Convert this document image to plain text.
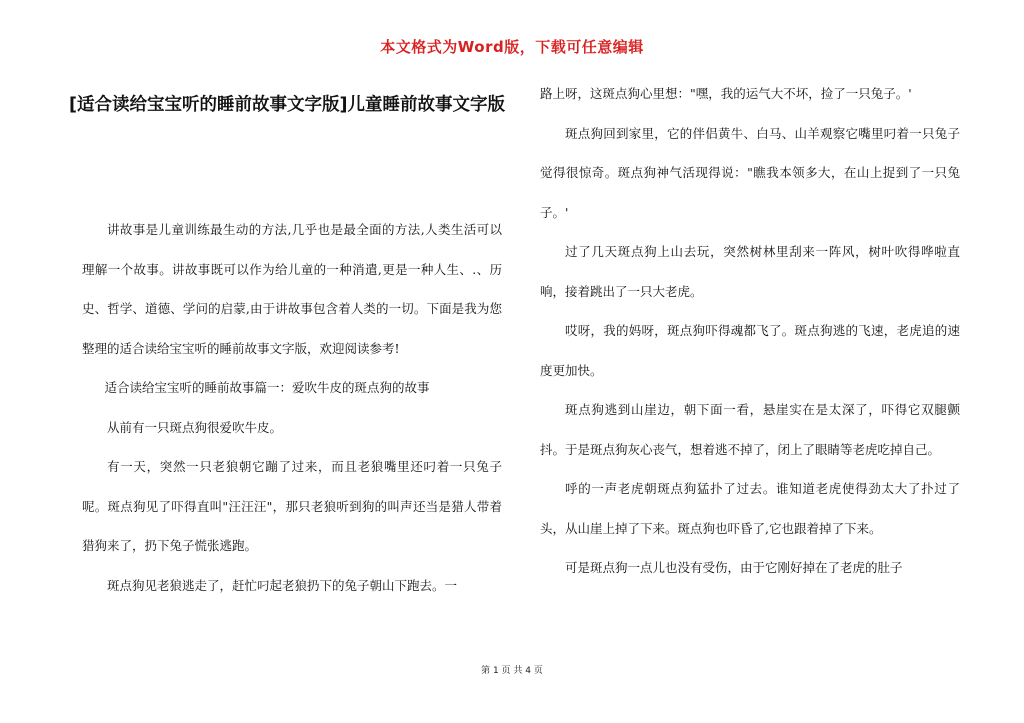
本文格式为Word版，下载可任意编辑
[适合读给宝宝听的睡前故事文字版]儿童睡前故事文字版

讲故事是儿童训练最生动的方法,几乎也是最全面的方法,人类生活可以理解一个故事。讲故事既可以作为给儿童的一种消遣,更是一种人生、.、历史、哲学、道德、学问的启蒙,由于讲故事包含着人类的一切。下面是我为您整理的适合读给宝宝听的睡前故事文字版，欢迎阅读参考!

适合读给宝宝听的睡前故事篇一：爱吹牛皮的斑点狗的故事

从前有一只斑点狗很爱吹牛皮。

有一天，突然一只老狼朝它蹦了过来，而且老狼嘴里还叼着一只兔子呢。斑点狗见了吓得直叫"汪汪汪"，那只老狼听到狗的叫声还当是猎人带着猎狗来了，扔下兔子慌张逃跑。

斑点狗见老狼逃走了，赶忙叼起老狼扔下的兔子朝山下跑去。一

路上呀，这斑点狗心里想："嘿，我的运气大不坏，捡了一只兔子。'

斑点狗回到家里，它的伴侣黄牛、白马、山羊观察它嘴里叼着一只兔子觉得很惊奇。斑点狗神气活现得说："瞧我本领多大，在山上捉到了一只兔子。'

过了几天斑点狗上山去玩，突然树林里刮来一阵风，树叶吹得哗啦直响，接着跳出了一只大老虎。

哎呀，我的妈呀，斑点狗吓得魂都飞了。斑点狗逃的飞速，老虎追的速度更加快。

斑点狗逃到山崖边，朝下面一看，悬崖实在是太深了，吓得它双腿颤抖。于是斑点狗灰心丧气，想着逃不掉了，闭上了眼睛等老虎吃掉自己。

呼的一声老虎朝斑点狗猛扑了过去。谁知道老虎使得劲太大了扑过了头，从山崖上掉了下来。斑点狗也吓昏了,它也跟着掉了下来。

可是斑点狗一点儿也没有受伤，由于它刚好掉在了老虎的肚子

第 1 页 共 4 页
